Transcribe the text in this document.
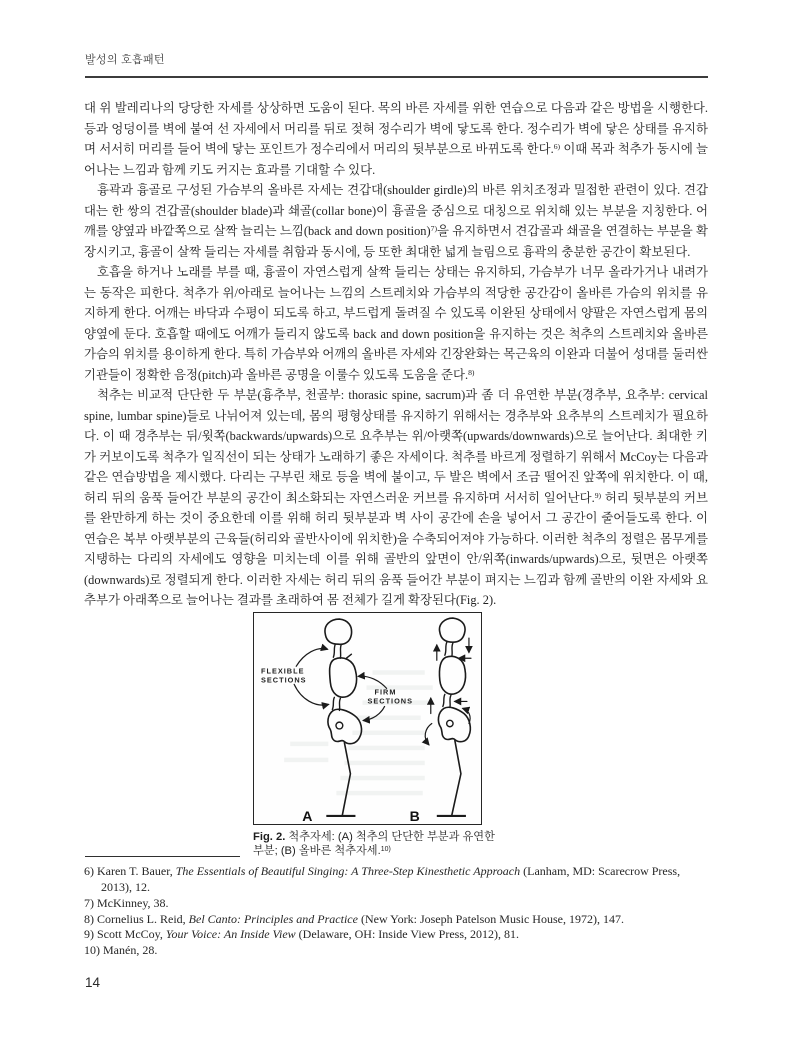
발성의 호흡패턴

대 위 발레리나의 당당한 자세를 상상하면 도움이 된다. 목의 바른 자세를 위한 연습으로 다음과 같은 방법을 시행한다. 등과 엉덩이를 벽에 붙여 선 자세에서 머리를 뒤로 젖혀 정수리가 벽에 닿도록 한다. 정수리가 벽에 닿은 상태를 유지하며 서서히 머리를 들어 벽에 닿는 포인트가 정수리에서 머리의 뒷부분으로 바뀌도록 한다.$^{6)}$ 이때 목과 척추가 동시에 늘어나는 느낌과 함께 키도 커지는 효과를 기대할 수 있다.

흉곽과 흉골로 구성된 가슴부의 올바른 자세는 견갑대(shoulder girdle)의 바른 위치조정과 밀접한 관련이 있다. 견갑대는 한 쌍의 견갑골(shoulder blade)과 쇄골(collar bone)이 흉골을 중심으로 대칭으로 위치해 있는 부분을 지칭한다. 어깨를 양옆과 바깥쪽으로 살짝 늘리는 느낌(back and down position)$^{7)}$을 유지하면서 견갑골과 쇄골을 연결하는 부분을 확장시키고, 흉골이 살짝 들리는 자세를 취함과 동시에, 등 또한 최대한 넓게 늘림으로 흉곽의 충분한 공간이 확보된다.

호흡을 하거나 노래를 부를 때, 흉골이 자연스럽게 살짝 들리는 상태는 유지하되, 가슴부가 너무 올라가거나 내려가는 동작은 피한다. 척추가 위/아래로 늘어나는 느낌의 스트레치와 가슴부의 적당한 공간감이 올바른 가슴의 위치를 유지하게 한다. 어깨는 바닥과 수평이 되도록 하고, 부드럽게 돌려질 수 있도록 이완된 상태에서 양팔은 자연스럽게 몸의 양옆에 둔다. 호흡할 때에도 어깨가 들리지 않도록 back and down position을 유지하는 것은 척추의 스트레치와 올바른 가슴의 위치를 용이하게 한다. 특히 가슴부와 어깨의 올바른 자세와 긴장완화는 목근육의 이완과 더불어 성대를 둘러싼 기관들이 정확한 음정(pitch)과 올바른 공명을 이룰수 있도록 도움을 준다.$^{8)}$

척추는 비교적 단단한 두 부분(흉추부, 천골부: thorasic spine, sacrum)과 좀 더 유연한 부분(경추부, 요추부: cervical spine, lumbar spine)들로 나뉘어져 있는데, 몸의 평형상태를 유지하기 위해서는 경추부와 요추부의 스트레치가 필요하다. 이 때 경추부는 뒤/윗쪽(backwards/upwards)으로 요추부는 위/아랫쪽(upwards/downwards)으로 늘어난다. 최대한 키가 커보이도록 척추가 일직선이 되는 상태가 노래하기 좋은 자세이다. 척추를 바르게 정렬하기 위해서 McCoy는 다음과 같은 연습방법을 제시했다. 다리는 구부린 채로 등을 벽에 붙이고, 두 발은 벽에서 조금 떨어진 앞쪽에 위치한다. 이 때, 허리 뒤의 움푹 들어간 부분의 공간이 최소화되는 자연스러운 커브를 유지하며 서서히 일어난다.$^{9)}$ 허리 뒷부분의 커브를 완만하게 하는 것이 중요한데 이를 위해 허리 뒷부분과 벽 사이 공간에 손을 넣어서 그 공간이 줄어들도록 한다. 이 연습은 복부 아랫부분의 근육들(허리와 골반사이에 위치한)을 수축되어져야 가능하다. 이러한 척추의 정렬은 몸무게를 지탱하는 다리의 자세에도 영향을 미치는데 이를 위해 골반의 앞면이 안/위쪽(inwards/upwards)으로, 뒷면은 아랫쪽(downwards)로 정렬되게 한다. 이러한 자세는 허리 뒤의 움푹 들어간 부분이 펴지는 느낌과 함께 골반의 이완 자세와 요추부가 아래쪽으로 늘어나는 결과를 초래하여 몸 전체가 길게 확장된다(Fig. 2).

A
FLEXIBLE
SECTIONS
FIRM
SECTIONS
B
Fig. 2. 척추자세: (A) 척추의 단단한 부분과 유연한 부분; (B) 올바른 척추자세.$^{10)}$

6) Karen T. Bauer, The Essentials of Beautiful Singing: A Three-Step Kinesthetic Approach (Lanham, MD: Scarecrow Press, 2013), 12.

7) McKinney, 38.

8) Cornelius L. Reid, Bel Canto: Principles and Practice (New York: Joseph Patelson Music House, 1972), 147.

9) Scott McCoy, Your Voice: An Inside View (Delaware, OH: Inside View Press, 2012), 81.

10) Manén, 28.

14
